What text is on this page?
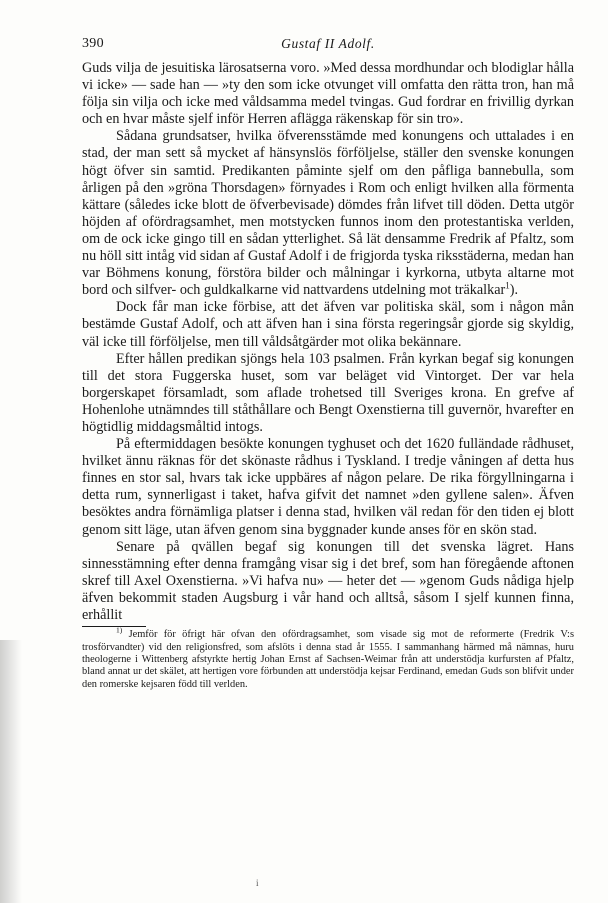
390	Gustaf II Adolf.

Guds vilja de jesuitiska lärosatserna voro. »Med dessa mordhundar och blodiglar hålla vi icke» — sade han — »ty den som icke otvunget vill omfatta den rätta tron, han må följa sin vilja och icke med våldsamma medel tvingas. Gud fordrar en frivillig dyrkan och en hvar måste sjelf inför Herren aflägga räkenskap för sin tro».

Sådana grundsatser, hvilka öfverensstämde med konungens och uttalades i en stad, der man sett så mycket af hänsynslös förföljelse, ställer den svenske konungen högt öfver sin samtid. Predikanten påminte sjelf om den påfliga bannebulla, som årligen på den »gröna Thorsdagen» förnyades i Rom och enligt hvilken alla förmenta kättare (således icke blott de öfverbevisade) dömdes från lifvet till döden. Detta utgör höjden af ofördragsamhet, men motstycken funnos inom den protestantiska verlden, om de ock icke gingo till en sådan ytterlighet. Så lät densamme Fredrik af Pfaltz, som nu höll sitt intåg vid sidan af Gustaf Adolf i de frigjorda tyska riksstäderna, medan han var Böhmens konung, förstöra bilder och målningar i kyrkorna, utbyta altarne mot bord och silfver- och guldkalkarne vid nattvardens utdelning mot träkalkar$^1$).

Dock får man icke förbise, att det äfven var politiska skäl, som i någon mån bestämde Gustaf Adolf, och att äfven han i sina första regeringsår gjorde sig skyldig, väl icke till förföljelse, men till våldsåtgärder mot olika bekännare.

Efter hållen predikan sjöngs hela 103 psalmen. Från kyrkan begaf sig konungen till det stora Fuggerska huset, som var beläget vid Vintorget. Der var hela borgerskapet församladt, som aflade trohetsed till Sveriges krona. En grefve af Hohenlohe utnämndes till ståthållare och Bengt Oxenstierna till guvernör, hvarefter en högtidlig middagsmåltid intogs.

På eftermiddagen besökte konungen tyghuset och det 1620 fulländade rådhuset, hvilket ännu räknas för det skönaste rådhus i Tyskland. I tredje våningen af detta hus finnes en stor sal, hvars tak icke uppbäres af någon pelare. De rika förgyllningarna i detta rum, synnerligast i taket, hafva gifvit det namnet »den gyllene salen». Äfven besöktes andra förnämliga platser i denna stad, hvilken väl redan för den tiden ej blott genom sitt läge, utan äfven genom sina byggnader kunde anses för en skön stad.

Senare på qvällen begaf sig konungen till det svenska lägret. Hans sinnesstämning efter denna framgång visar sig i det bref, som han föregående aftonen skref till Axel Oxenstierna. »Vi hafva nu» — heter det — »genom Guds nådiga hjelp äfven bekommit staden Augsburg i vår hand och alltså, såsom I sjelf kunnen finna, erhållit

$^{1)}$ Jemför för öfrigt här ofvan den ofördragsamhet, som visade sig mot de reformerte (Fredrik V:s trosförvandter) vid den religionsfred, som afslöts i denna stad år 1555. I sammanhang härmed må nämnas, huru theologerne i Wittenberg afstyrkte hertig Johan Ernst af Sachsen-Weimar från att understödja kurfursten af Pfaltz, bland annat ur det skälet, att hertigen vore förbunden att understödja kejsar Ferdinand, emedan Guds son blifvit under den romerske kejsaren född till verlden.

i
